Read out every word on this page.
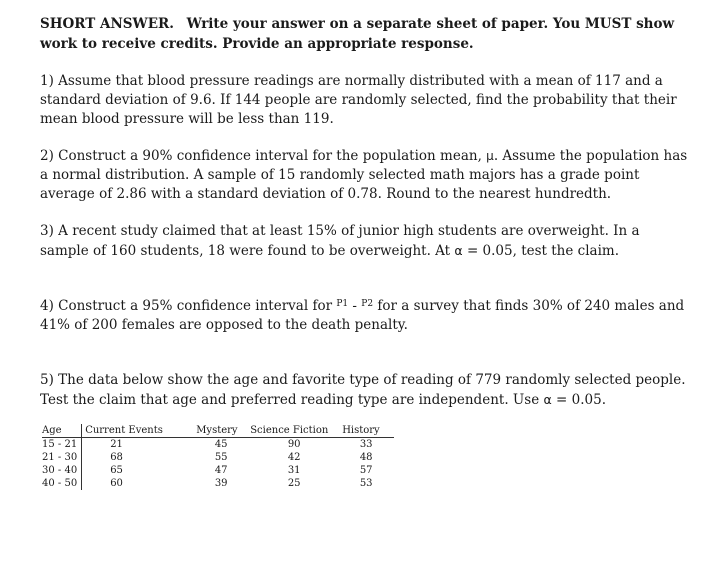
SHORT ANSWER. Write your answer on a separate sheet of paper. You MUST show work to receive credits. Provide an appropriate response.

1) Assume that blood pressure readings are normally distributed with a mean of 117 and a standard deviation of 9.6. If 144 people are randomly selected, find the probability that their mean blood pressure will be less than 119.

2) Construct a 90% confidence interval for the population mean, μ. Assume the population has a normal distribution. A sample of 15 randomly selected math majors has a grade point average of 2.86 with a standard deviation of 0.78. Round to the nearest hundredth.

3) A recent study claimed that at least 15% of junior high students are overweight. In a sample of 160 students, 18 were found to be overweight. At α = 0.05, test the claim.

4) Construct a 95% confidence interval for $^{P1}$ - $^{P2}$ for a survey that finds 30% of 240 males and 41% of 200 females are opposed to the death penalty.

5) The data below show the age and favorite type of reading of 779 randomly selected people. Test the claim that age and preferred reading type are independent. Use α = 0.05.

Age	Current Events	Mystery	Science Fiction	History
15 - 21	21	45	90	33
21 - 30	68	55	42	48
30 - 40	65	47	31	57
40 - 50	60	39	25	53
